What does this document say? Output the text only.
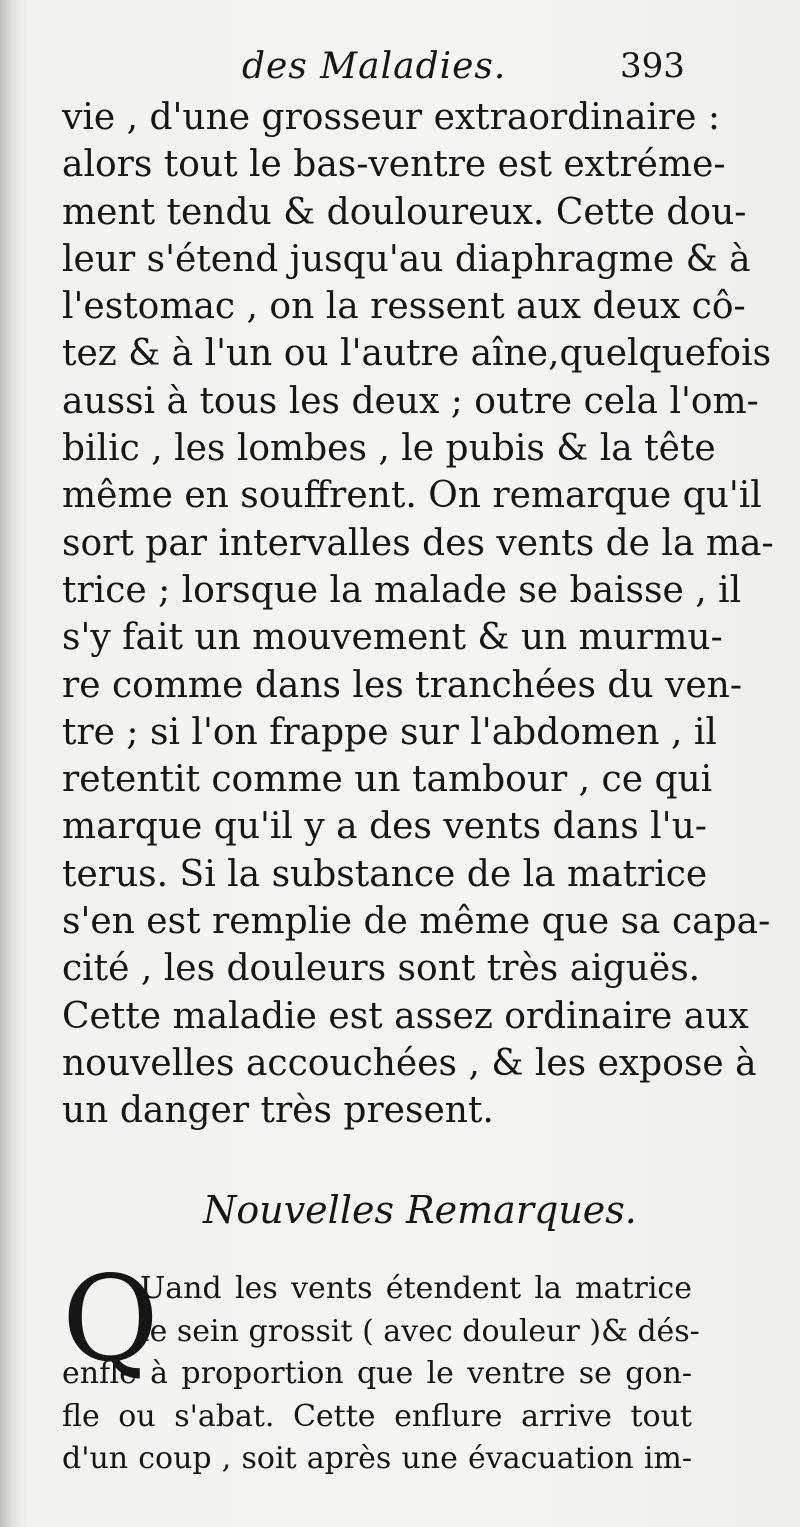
des Maladies.	393
vie , d'une grosseur extraordinaire :
alors tout le bas-ventre est extréme-
ment tendu & douloureux. Cette dou-
leur s'étend jusqu'au diaphragme & à
l'estomac , on la ressent aux deux cô-
tez & à l'un ou l'autre aîne,quelquefois
aussi à tous les deux ; outre cela l'om-
bilic , les lombes , le pubis & la tête
même en souffrent. On remarque qu'il
sort par intervalles des vents de la ma-
trice ; lorsque la malade se baisse , il
s'y fait un mouvement & un murmu-
re comme dans les tranchées du ven-
tre ; si l'on frappe sur l'abdomen , il
retentit comme un tambour , ce qui
marque qu'il y a des vents dans l'u-
terus. Si la substance de la matrice
s'en est remplie de même que sa capa-
cité , les douleurs sont très aiguës.
Cette maladie est assez ordinaire aux
nouvelles accouchées , & les expose à
un danger très present.
Nouvelles Remarques.
Q
Uand les vents étendent la matrice
le sein grossit ( avec douleur )& dés-
enfle à proportion que le ventre se gon-
fle ou s'abat. Cette enflure arrive tout
d'un coup , soit après une évacuation im-
